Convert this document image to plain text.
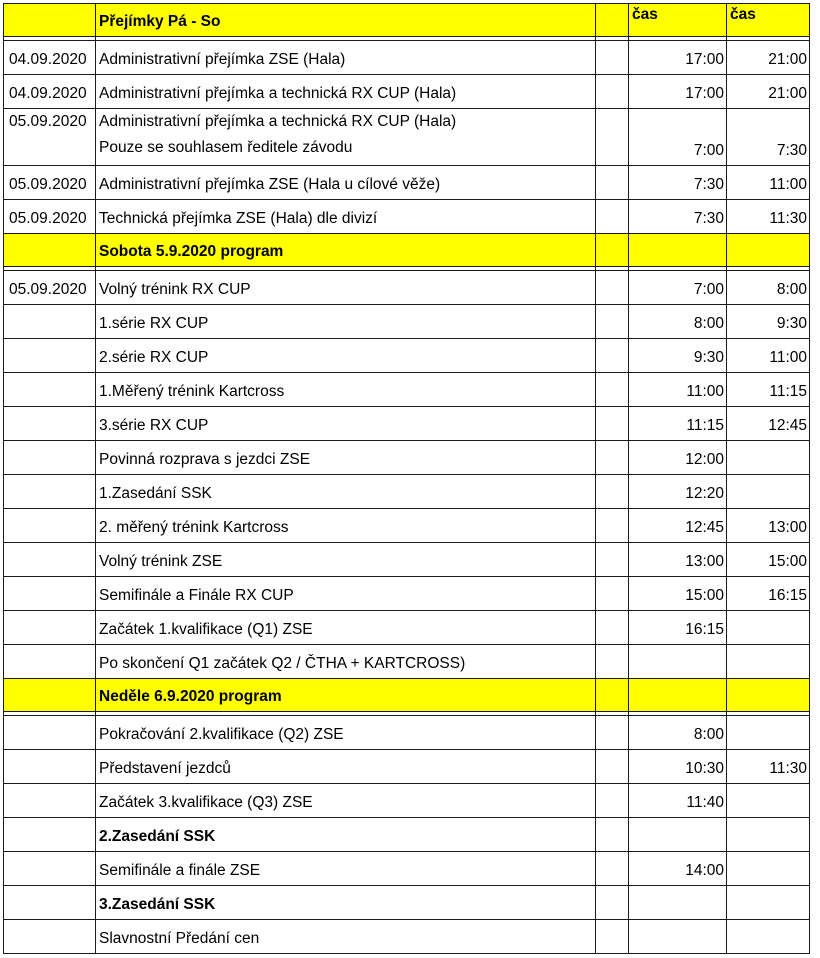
	Přejímky Pá - So		čas	čas

04.09.2020	Administrativní přejímka ZSE (Hala)		17:00	21:00
04.09.2020	Administrativní přejímka a technická RX CUP (Hala)		17:00	21:00
05.09.2020	Administrativní přejímka a technická RX CUP (Hala)
Pouze se souhlasem ředitele závodu		7:00	7:30
05.09.2020	Administrativní přejímka ZSE (Hala u cílové věže)		7:30	11:00
05.09.2020	Technická přejímka ZSE (Hala) dle divizí		7:30	11:30
	Sobota 5.9.2020 program			

05.09.2020	Volný trénink RX CUP		7:00	8:00
	1.série RX CUP		8:00	9:30
	2.série RX CUP		9:30	11:00
	1.Měřený trénink Kartcross		11:00	11:15
	3.série RX CUP		11:15	12:45
	Povinná rozprava s jezdci ZSE		12:00	
	1.Zasedání SSK		12:20	
	2. měřený trénink Kartcross		12:45	13:00
	Volný trénink ZSE		13:00	15:00
	Semifinále a Finále RX CUP		15:00	16:15
	Začátek 1.kvalifikace (Q1) ZSE		16:15	
	Po skončení Q1 začátek Q2 / ČTHA + KARTCROSS)			
	Neděle 6.9.2020 program			

	Pokračování 2.kvalifikace (Q2) ZSE		8:00	
	Představení jezdců		10:30	11:30
	Začátek 3.kvalifikace (Q3) ZSE		11:40	
	2.Zasedání SSK			
	Semifinále a finále ZSE		14:00	
	3.Zasedání SSK			
	Slavnostní Předání cen			
